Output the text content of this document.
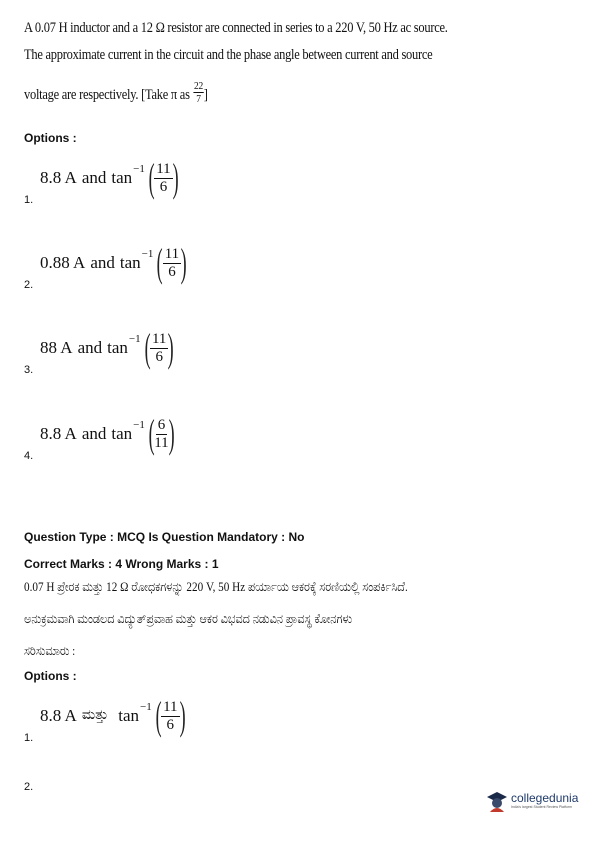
A 0.07 H inductor and a 12 Ω resistor are connected in series to a 220 V, 50 Hz ac source.
The approximate current in the circuit and the phase angle between current and source
voltage are respectively. [Take π as $\frac{22}{7}$ ]
Options :
8.8 A and tan −1 ( $\frac{11}{6}$ )
1.
0.88 A and tan −1 ( $\frac{11}{6}$ )
2.
88 A and tan −1 ( $\frac{11}{6}$ )
3.
8.8 A and tan −1 ( $\frac{6}{11}$ )
4.
Question Type : MCQ Is Question Mandatory : No
Correct Marks : 4 Wrong Marks : 1
0.07 H ಪ್ರೇರಕ ಮತ್ತು 12 Ω ರೋಧಕಗಳನ್ನು 220 V, 50 Hz ಪರ್ಯಾಯ ಆಕರಕ್ಕೆ ಸರಣಿಯಲ್ಲಿ ಸಂಪರ್ಕಿಸಿದೆ.
ಅನುಕ್ರಮವಾಗಿ ಮಂಡಲದ ವಿದ್ಯುತ್‌ಪ್ರವಾಹ ಮತ್ತು ಆಕರ ವಿಭವದ ನಡುವಿನ ಪ್ರಾವಸ್ಥ ಕೋನಗಳು
ಸರಿಸುಮಾರು :
Options :
8.8 A ಮತ್ತು tan −1 ( $\frac{11}{6}$ )
1.
2.
collegedunia
India's largest Student Review Platform
